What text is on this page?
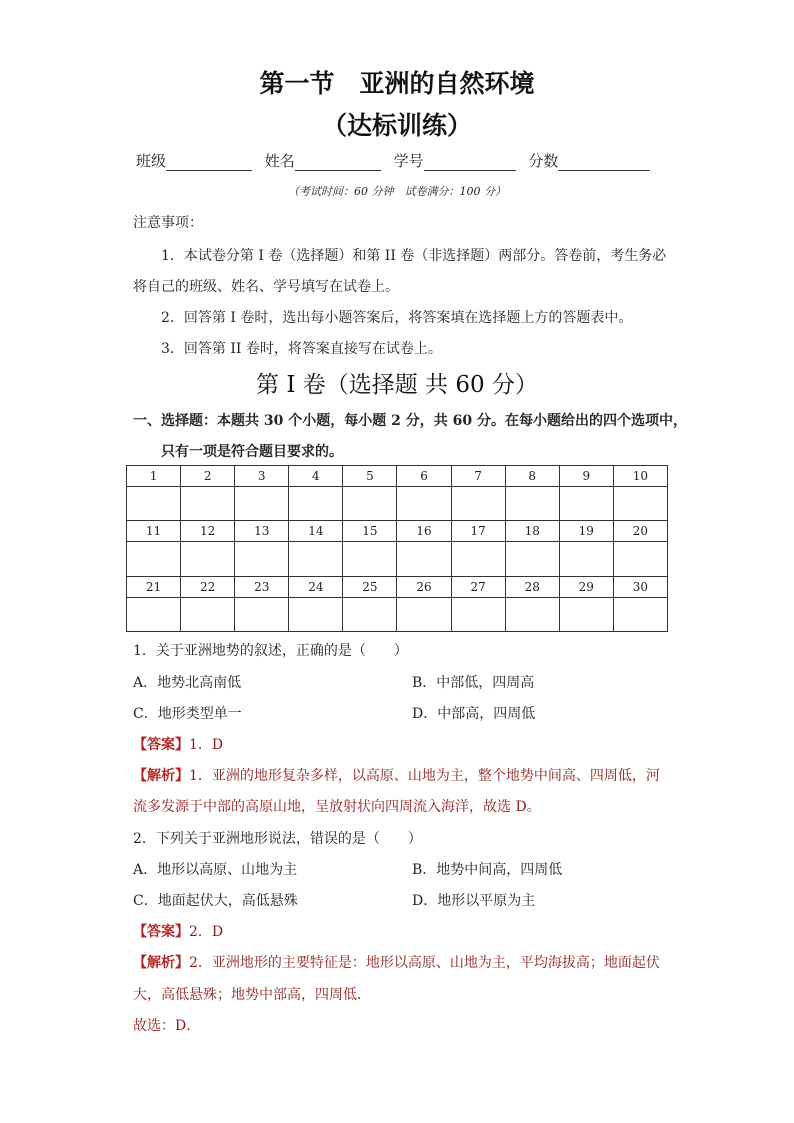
第一节　亚洲的自然环境
（达标训练）
班级	姓名	学号	分数
（考试时间：60 分钟　试卷满分：100 分）
注意事项：
1．本试卷分第 I 卷（选择题）和第 II 卷（非选择题）两部分。答卷前，考生务必
将自己的班级、姓名、学号填写在试卷上。
2．回答第 I 卷时，选出每小题答案后，将答案填在选择题上方的答题表中。
3．回答第 II 卷时，将答案直接写在试卷上。
第 I 卷（选择题 共 60 分）
一、选择题：本题共 30 个小题，每小题 2 分，共 60 分。在每小题给出的四个选项中，
只有一项是符合题目要求的。
1	2	3	4	5	6	7	8	9	10

11	12	13	14	15	16	17	18	19	20

21	22	23	24	25	26	27	28	29	30

1．关于亚洲地势的叙述，正确的是（　　）
A．地势北高南低	B．中部低，四周高
C．地形类型单一	D．中部高，四周低
【答案】1．D
【解析】1．亚洲的地形复杂多样，以高原、山地为主，整个地势中间高、四周低，河
流多发源于中部的高原山地，呈放射状向四周流入海洋，故选 D。
2．下列关于亚洲地形说法，错误的是（　　）
A．地形以高原、山地为主	B．地势中间高，四周低
C．地面起伏大，高低悬殊	D．地形以平原为主
【答案】2．D
【解析】2．亚洲地形的主要特征是：地形以高原、山地为主，平均海拔高；地面起伏
大，高低悬殊；地势中部高，四周低．
故选：D．
